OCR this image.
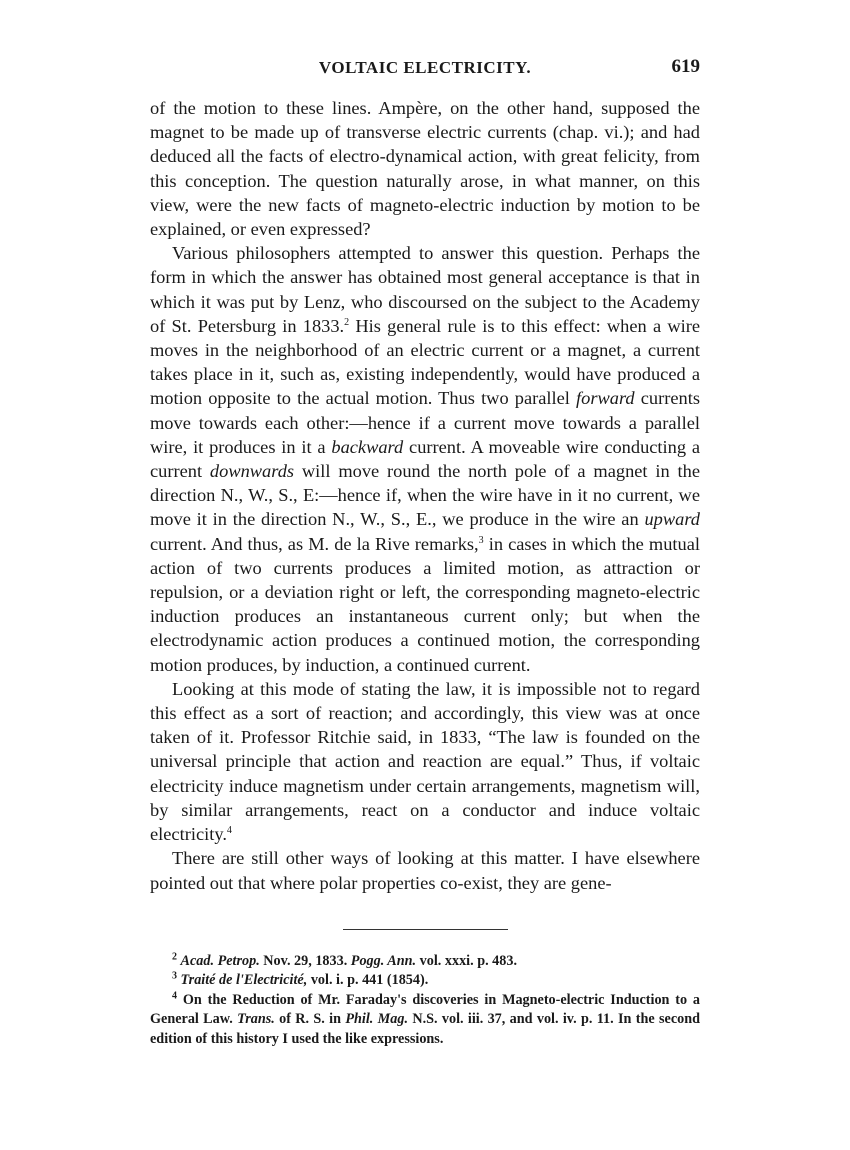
VOLTAIC ELECTRICITY.	619

of the motion to these lines. Ampère, on the other hand, supposed the magnet to be made up of transverse electric currents (chap. vi.); and had deduced all the facts of electro-dynamical action, with great felicity, from this conception. The question naturally arose, in what manner, on this view, were the new facts of magneto-electric induction by motion to be explained, or even expressed?

Various philosophers attempted to answer this question. Perhaps the form in which the answer has obtained most general acceptance is that in which it was put by Lenz, who discoursed on the subject to the Academy of St. Petersburg in 1833.$^2$ His general rule is to this effect: when a wire moves in the neighborhood of an electric current or a magnet, a current takes place in it, such as, existing independently, would have produced a motion opposite to the actual motion. Thus two parallel forward currents move towards each other:—hence if a current move towards a parallel wire, it produces in it a backward current. A moveable wire conducting a current downwards will move round the north pole of a magnet in the direction N., W., S., E:—hence if, when the wire have in it no current, we move it in the direction N., W., S., E., we produce in the wire an upward current. And thus, as M. de la Rive remarks,$^3$ in cases in which the mutual action of two currents produces a limited motion, as attraction or repulsion, or a deviation right or left, the corresponding magneto-electric induction produces an instantaneous current only; but when the electrodynamic action produces a continued motion, the corresponding motion produces, by induction, a continued current.

Looking at this mode of stating the law, it is impossible not to regard this effect as a sort of reaction; and accordingly, this view was at once taken of it. Professor Ritchie said, in 1833, “The law is founded on the universal principle that action and reaction are equal.” Thus, if voltaic electricity induce magnetism under certain arrangements, magnetism will, by similar arrangements, react on a conductor and induce voltaic electricity.$^4$

There are still other ways of looking at this matter. I have elsewhere pointed out that where polar properties co-exist, they are gene-

$^2$ Acad. Petrop. Nov. 29, 1833. Pogg. Ann. vol. xxxi. p. 483.

$^3$ Traité de l'Electricité, vol. i. p. 441 (1854).

$^4$ On the Reduction of Mr. Faraday's discoveries in Magneto-electric Induction to a General Law. Trans. of R. S. in Phil. Mag. N.S. vol. iii. 37, and vol. iv. p. 11. In the second edition of this history I used the like expressions.
